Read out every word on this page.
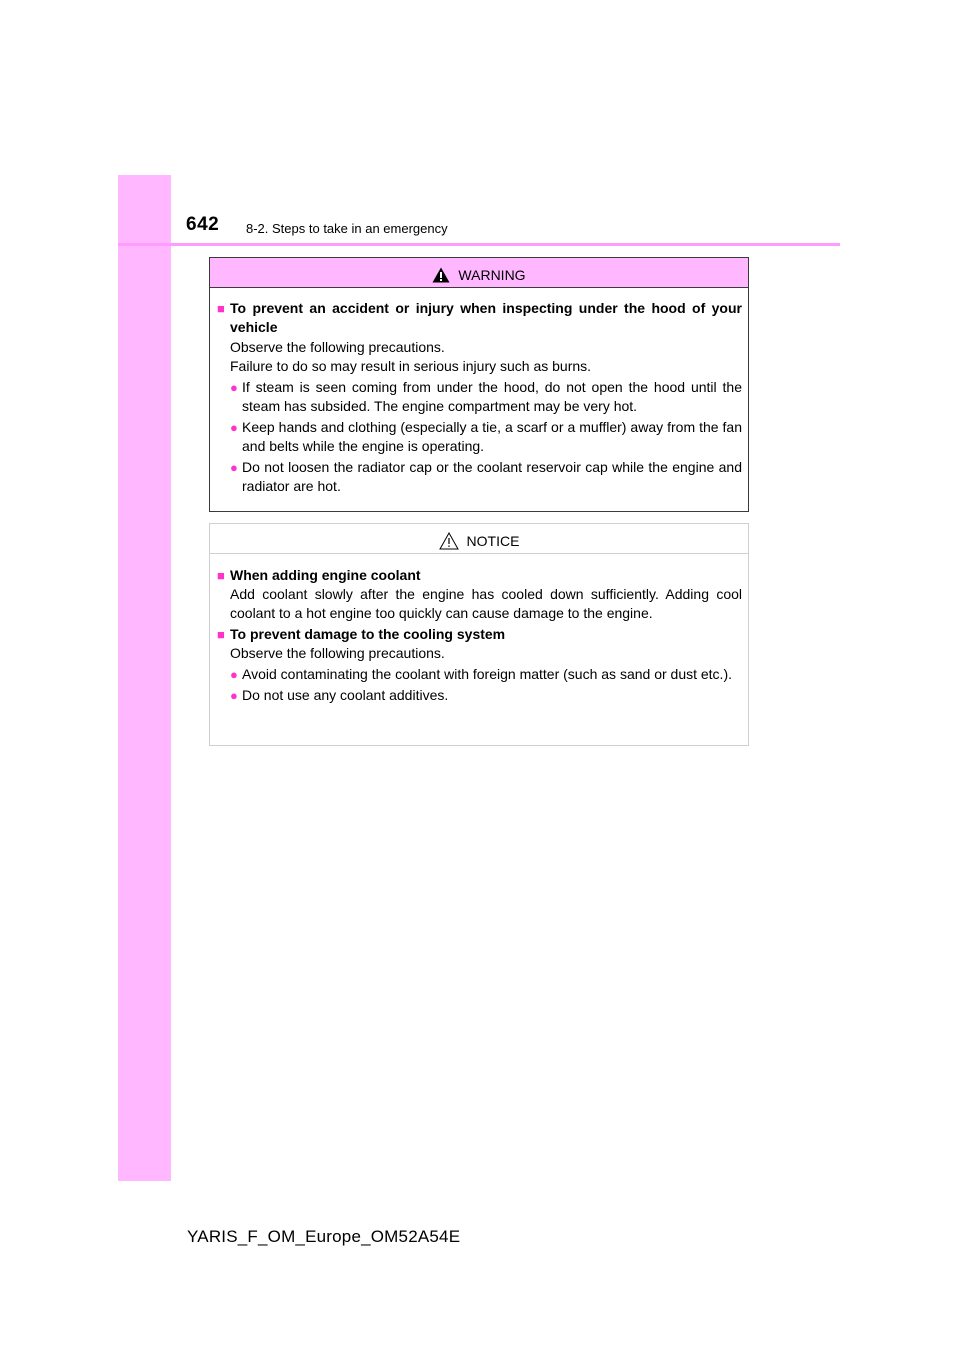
642 8-2. Steps to take in an emergency
WARNING
■ To prevent an accident or injury when inspecting under the hood of your vehicle
Observe the following precautions.
Failure to do so may result in serious injury such as burns.
● If steam is seen coming from under the hood, do not open the hood until the steam has subsided. The engine compartment may be very hot.
● Keep hands and clothing (especially a tie, a scarf or a muffler) away from the fan and belts while the engine is operating.
● Do not loosen the radiator cap or the coolant reservoir cap while the engine and radiator are hot.
NOTICE
■ When adding engine coolant
Add coolant slowly after the engine has cooled down sufficiently. Adding cool coolant to a hot engine too quickly can cause damage to the engine.
■ To prevent damage to the cooling system
Observe the following precautions.
● Avoid contaminating the coolant with foreign matter (such as sand or dust etc.).
● Do not use any coolant additives.
YARIS_F_OM_Europe_OM52A54E
